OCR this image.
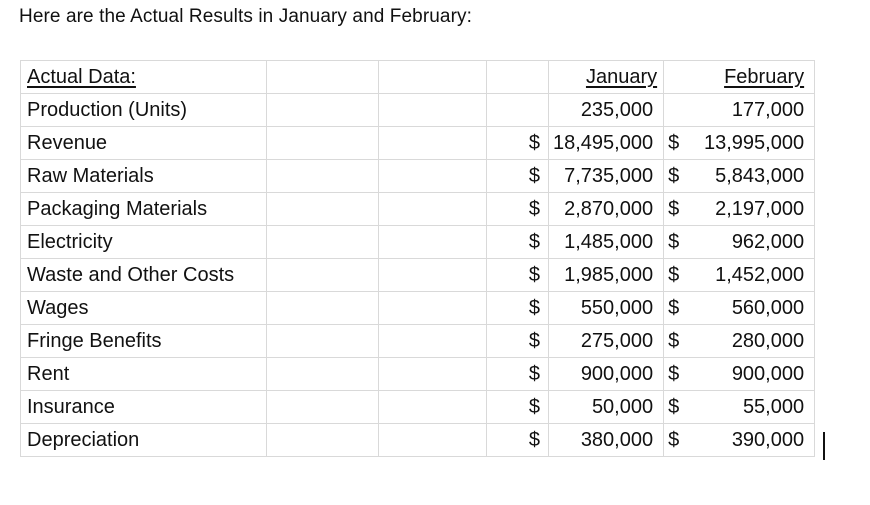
Here are the Actual Results in January and February:
Actual Data:				January	February
Production (Units)				235,000	177,000

Revenue			$	18,495,000	$ 13,995,000

Raw Materials			$	7,735,000	$ 5,843,000

Packaging Materials			$	2,870,000	$ 2,197,000

Electricity			$	1,485,000	$ 962,000

Waste and Other Costs			$	1,985,000	$ 1,452,000

Wages			$	550,000	$ 560,000

Fringe Benefits			$	275,000	$ 280,000

Rent			$	900,000	$ 900,000

Insurance			$	50,000	$ 55,000

Depreciation			$	380,000	$ 390,000
